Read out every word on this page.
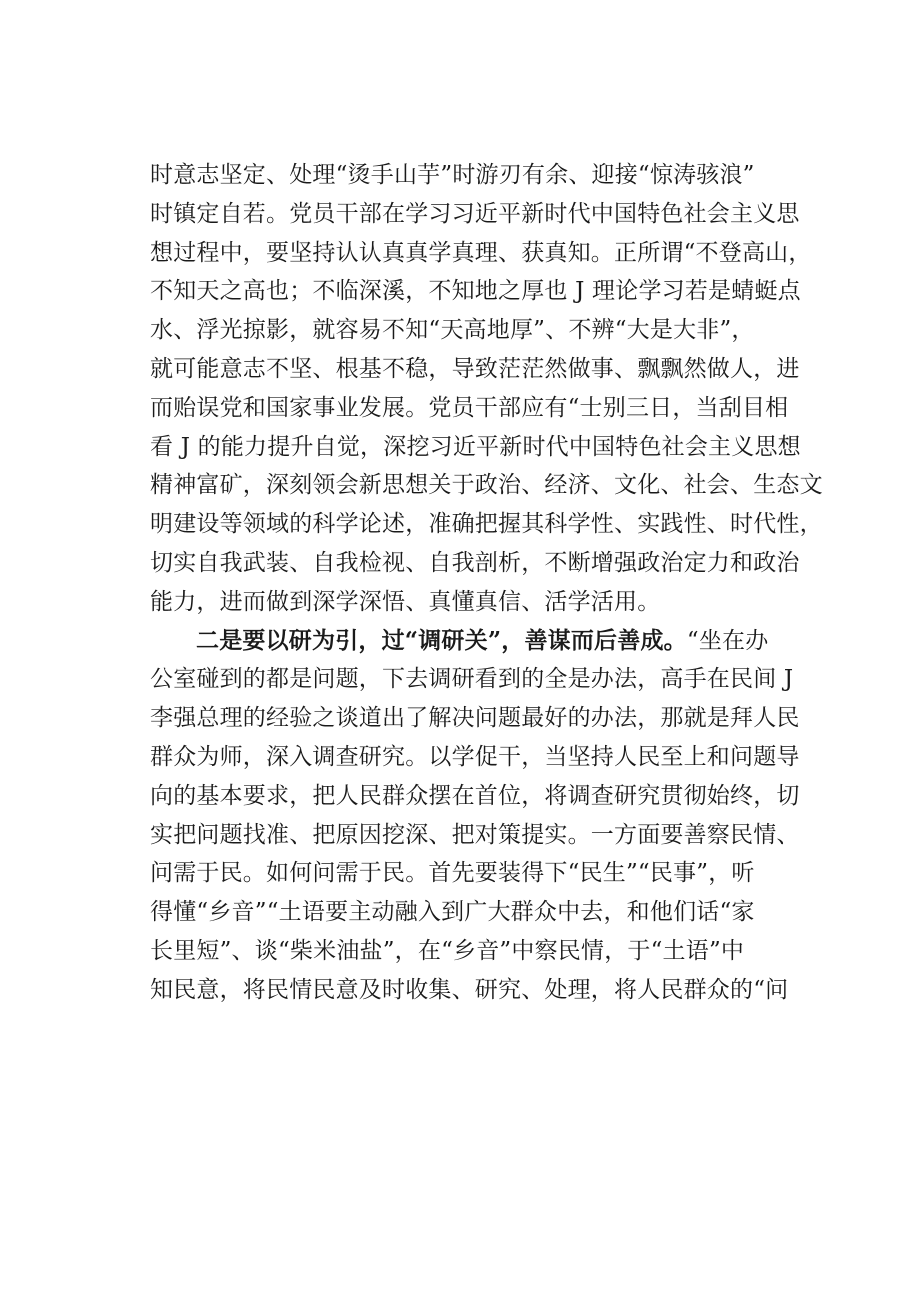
时意志坚定、处理“烫手山芋”时游刃有余、迎接“惊涛骇浪”
时镇定自若。党员干部在学习习近平新时代中国特色社会主义思
想过程中，要坚持认认真真学真理、获真知。正所谓“不登高山，
不知天之高也；不临深溪，不知地之厚也 J 理论学习若是蜻蜓点
水、浮光掠影，就容易不知“天高地厚”、不辨“大是大非”，
就可能意志不坚、根基不稳，导致茫茫然做事、飘飘然做人，进
而贻误党和国家事业发展。党员干部应有“士别三日，当刮目相
看 J 的能力提升自觉，深挖习近平新时代中国特色社会主义思想
精神富矿，深刻领会新思想关于政治、经济、文化、社会、生态文
明建设等领域的科学论述，准确把握其科学性、实践性、时代性，
切实自我武装、自我检视、自我剖析，不断增强政治定力和政治
能力，进而做到深学深悟、真懂真信、活学活用。
二是要以研为引，过“调研关”，善谋而后善成。“坐在办
公室碰到的都是问题，下去调研看到的全是办法，高手在民间 J
李强总理的经验之谈道出了解决问题最好的办法，那就是拜人民
群众为师，深入调查研究。以学促干，当坚持人民至上和问题导
向的基本要求，把人民群众摆在首位，将调查研究贯彻始终，切
实把问题找准、把原因挖深、把对策提实。一方面要善察民情、
问需于民。如何问需于民。首先要装得下“民生”“民事”，听
得懂“乡音”“土语要主动融入到广大群众中去，和他们话“家
长里短”、谈“柴米油盐”，在“乡音”中察民情，于“土语”中
知民意，将民情民意及时收集、研究、处理，将人民群众的“问
